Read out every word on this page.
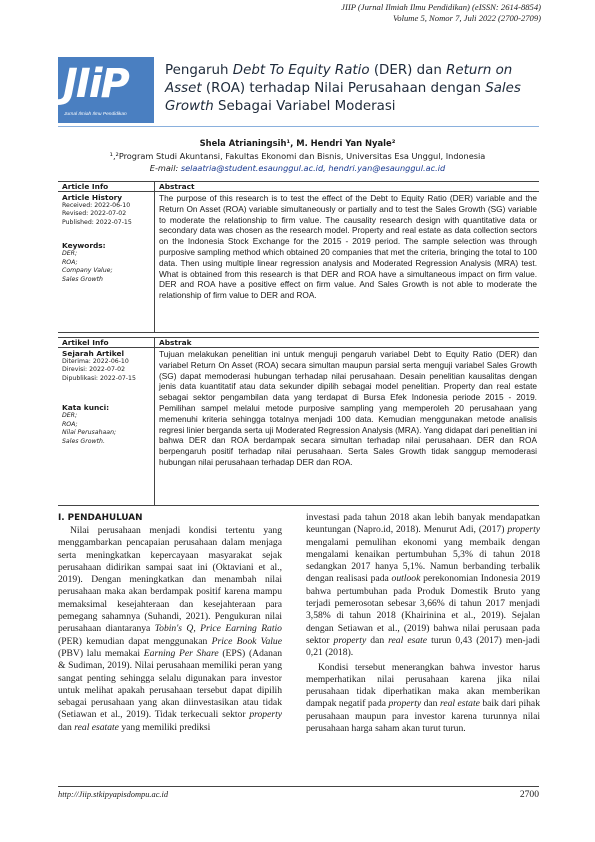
JIIP (Jurnal Ilmiah Ilmu Pendidikan) (eISSN: 2614-8854)
Volume 5, Nomor 7, Juli 2022 (2700-2709)
JIiP
Jurnal Ilmiah Ilmu Pendidikan
Pengaruh Debt To Equity Ratio (DER) dan Return on Asset (ROA) terhadap Nilai Perusahaan dengan Sales Growth Sebagai Variabel Moderasi
Shela Atrianingsih¹, M. Hendri Yan Nyale²
¹,²Program Studi Akuntansi, Fakultas Ekonomi dan Bisnis, Universitas Esa Unggul, Indonesia
E-mail: selaatria@student.esaunggul.ac.id, hendri.yan@esaunggul.ac.id
Article Info
Article History
Received: 2022-06-10
Revised: 2022-07-02
Published: 2022-07-15
Keywords:
DER;
ROA;
Company Value;
Sales Growth
Abstract

The purpose of this research is to test the effect of the Debt to Equity Ratio (DER) variable and the Return On Asset (ROA) variable simultaneously or partially and to test the Sales Growth (SG) variable to moderate the relationship to firm value. The causality research design with quantitative data or secondary data was chosen as the research model. Property and real estate as data collection sectors on the Indonesia Stock Exchange for the 2015 - 2019 period. The sample selection was through purposive sampling method which obtained 20 companies that met the criteria, bringing the total to 100 data. Then using multiple linear regression analysis and Moderated Regression Analysis (MRA) test. What is obtained from this research is that DER and ROA have a simultaneous impact on firm value. DER and ROA have a positive effect on firm value. And Sales Growth is not able to moderate the relationship of firm value to DER and ROA.

Artikel Info
Sejarah Artikel
Diterima: 2022-06-10
Direvisi: 2022-07-02
Dipublikasi: 2022-07-15
Kata kunci:
DER;
ROA;
Nilai Perusahaan;
Sales Growth.
Abstrak

Tujuan melakukan penelitian ini untuk menguji pengaruh variabel Debt to Equity Ratio (DER) dan variabel Return On Asset (ROA) secara simultan maupun parsial serta menguji variabel Sales Growth (SG) dapat memoderasi hubungan terhadap nilai perusahaan. Desain penelitian kausalitas dengan jenis data kuantitatif atau data sekunder dipilih sebagai model penelitian. Property dan real estate sebagai sektor pengambilan data yang terdapat di Bursa Efek Indonesia periode 2015 - 2019. Pemilihan sampel melalui metode purposive sampling yang memperoleh 20 perusahaan yang memenuhi kriteria sehingga totalnya menjadi 100 data. Kemudian menggunakan metode analisis regresi linier berganda serta uji Moderated Regression Analysis (MRA). Yang didapat dari penelitian ini bahwa DER dan ROA berdampak secara simultan terhadap nilai perusahaan. DER dan ROA berpengaruh positif terhadap nilai perusahaan. Serta Sales Growth tidak sanggup memoderasi hubungan nilai perusahaan terhadap DER dan ROA.

I. PENDAHULUAN

Nilai perusahaan menjadi kondisi tertentu yang menggambarkan pencapaian perusahaan dalam menjaga serta meningkatkan kepercayaan masyarakat sejak perusahaan didirikan sampai saat ini (Oktaviani et al., 2019). Dengan meningkatkan dan menambah nilai perusahaan maka akan berdampak positif karena mampu memaksimal kesejahteraan dan kesejahteraan para pemegang sahamnya (Suhandi, 2021). Pengukuran nilai perusahaan diantaranya Tobin's Q, Price Earning Ratio (PER) kemudian dapat menggunakan Price Book Value (PBV) lalu memakai Earning Per Share (EPS) (Adanan & Sudiman, 2019). Nilai perusahaan memiliki peran yang sangat penting sehingga selalu digunakan para investor untuk melihat apakah perusahaan tersebut dapat dipilih sebagai perusahaan yang akan diinvestasikan atau tidak (Setiawan et al., 2019). Tidak terkecuali sektor property dan real esatate yang memiliki prediksi

investasi pada tahun 2018 akan lebih banyak mendapatkan keuntungan (Napro.id, 2018). Menurut Adi, (2017) property mengalami pemulihan ekonomi yang membaik dengan mengalami kenaikan pertumbuhan 5,3% di tahun 2018 sedangkan 2017 hanya 5,1%. Namun berbanding terbalik dengan realisasi pada outlook perekonomian Indonesia 2019 bahwa pertumbuhan pada Produk Domestik Bruto yang terjadi pemerosotan sebesar 3,66% di tahun 2017 menjadi 3,58% di tahun 2018 (Khairinina et al., 2019). Sejalan dengan Setiawan et al., (2019) bahwa nilai perusaan pada sektor property dan real esate turun 0,43 (2017) men-jadi 0,21 (2018).

Kondisi tersebut menerangkan bahwa investor harus memperhatikan nilai perusahaan karena jika nilai perusahaan tidak diperhatikan maka akan memberikan dampak negatif pada property dan real estate baik dari pihak perusahaan maupun para investor karena turunnya nilai perusahaan harga saham akan turut turun.

http://Jiip.stkipyapisdompu.ac.id	2700
